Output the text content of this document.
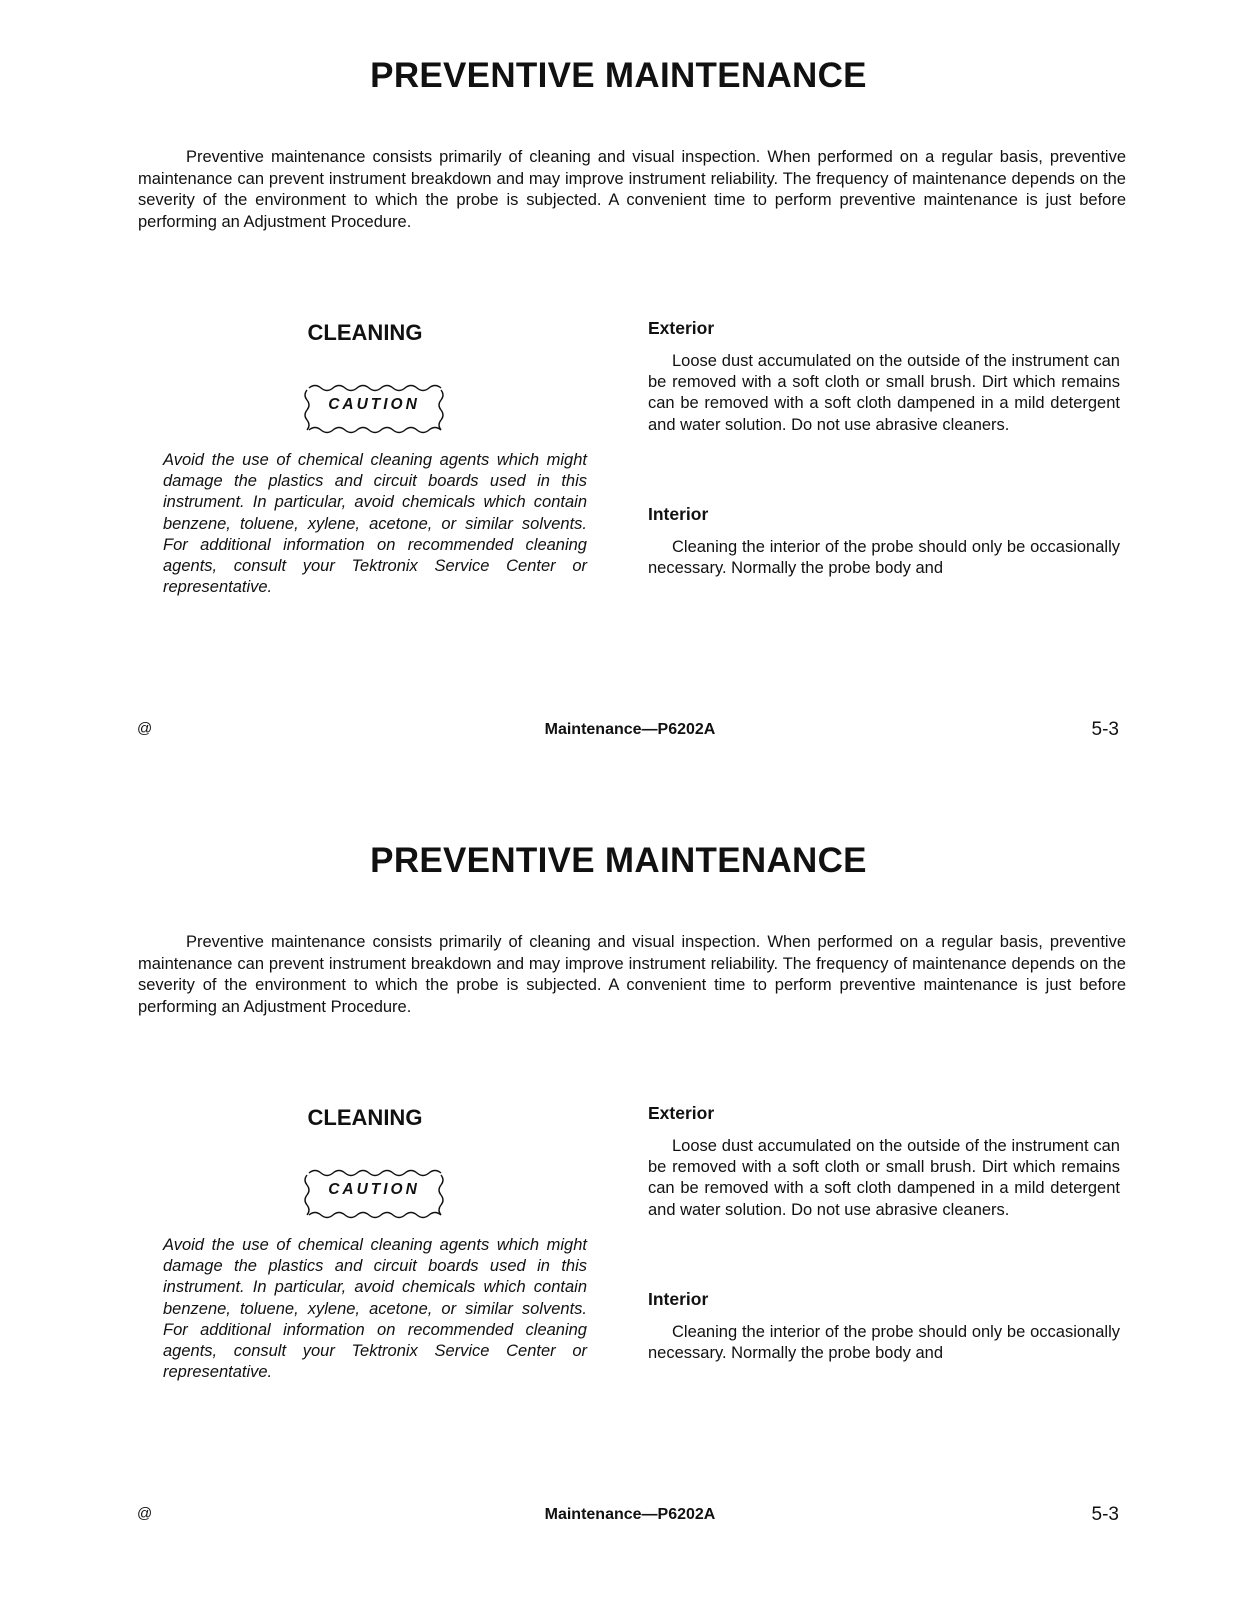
PREVENTIVE MAINTENANCE

Preventive maintenance consists primarily of cleaning and visual inspection. When performed on a regular basis, preventive maintenance can prevent instrument breakdown and may improve instrument reliability. The frequency of maintenance depends on the severity of the environment to which the probe is subjected. A convenient time to perform preventive maintenance is just before performing an Adjustment Procedure.

CLEANING
CAUTION

Avoid the use of chemical cleaning agents which might damage the plastics and circuit boards used in this instrument. In particular, avoid chemicals which contain benzene, toluene, xylene, acetone, or similar solvents. For additional information on recommended cleaning agents, consult your Tektronix Service Center or representative.

Exterior

Loose dust accumulated on the outside of the instrument can be removed with a soft cloth or small brush. Dirt which remains can be removed with a soft cloth dampened in a mild detergent and water solution. Do not use abrasive cleaners.

Interior

Cleaning the interior of the probe should only be occasionally necessary. Normally the probe body and

@	Maintenance—P6202A	5-3
PREVENTIVE MAINTENANCE

Preventive maintenance consists primarily of cleaning and visual inspection. When performed on a regular basis, preventive maintenance can prevent instrument breakdown and may improve instrument reliability. The frequency of maintenance depends on the severity of the environment to which the probe is subjected. A convenient time to perform preventive maintenance is just before performing an Adjustment Procedure.

CLEANING
CAUTION

Avoid the use of chemical cleaning agents which might damage the plastics and circuit boards used in this instrument. In particular, avoid chemicals which contain benzene, toluene, xylene, acetone, or similar solvents. For additional information on recommended cleaning agents, consult your Tektronix Service Center or representative.

Exterior

Loose dust accumulated on the outside of the instrument can be removed with a soft cloth or small brush. Dirt which remains can be removed with a soft cloth dampened in a mild detergent and water solution. Do not use abrasive cleaners.

Interior

Cleaning the interior of the probe should only be occasionally necessary. Normally the probe body and

@	Maintenance—P6202A	5-3
